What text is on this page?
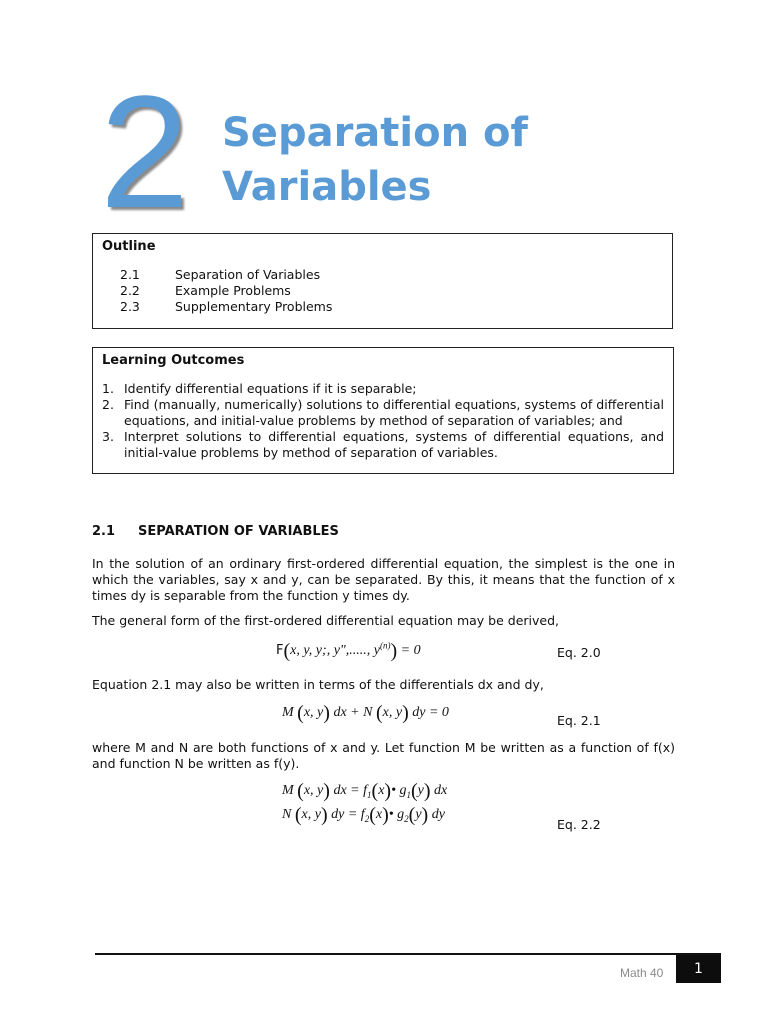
2 Separation of
Variables
Outline
2.1	Separation of Variables
2.2	Example Problems
2.3	Supplementary Problems
Learning Outcomes
1. Identify differential equations if it is separable;
2. Find (manually, numerically) solutions to differential equations, systems of differential equations, and initial-value problems by method of separation of variables; and
3. Interpret solutions to differential equations, systems of differential equations, and initial-value problems by method of separation of variables.
2.1	SEPARATION OF VARIABLES

In the solution of an ordinary first-ordered differential equation, the simplest is the one in which the variables, say x and y, can be separated. By this, it means that the function of x times dy is separable from the function y times dy.

The general form of the first-ordered differential equation may be derived,

F(x, y, y;, y",....., $y^{(n)}) = 0$	Eq. 2.0

Equation 2.1 may also be written in terms of the differentials dx and dy,

M (x, y) dx + N (x, y) dy = 0
Eq. 2.1

where M and N are both functions of x and y. Let function M be written as a function of f(x) and function N be written as f(y).

M (x, y) dx = $f_1(x)•$ $g_1(y)$ dx
N (x, y) dy = $f_2(x)•$ $g_2(y)$ dy
Eq. 2.2
Math 40	1
